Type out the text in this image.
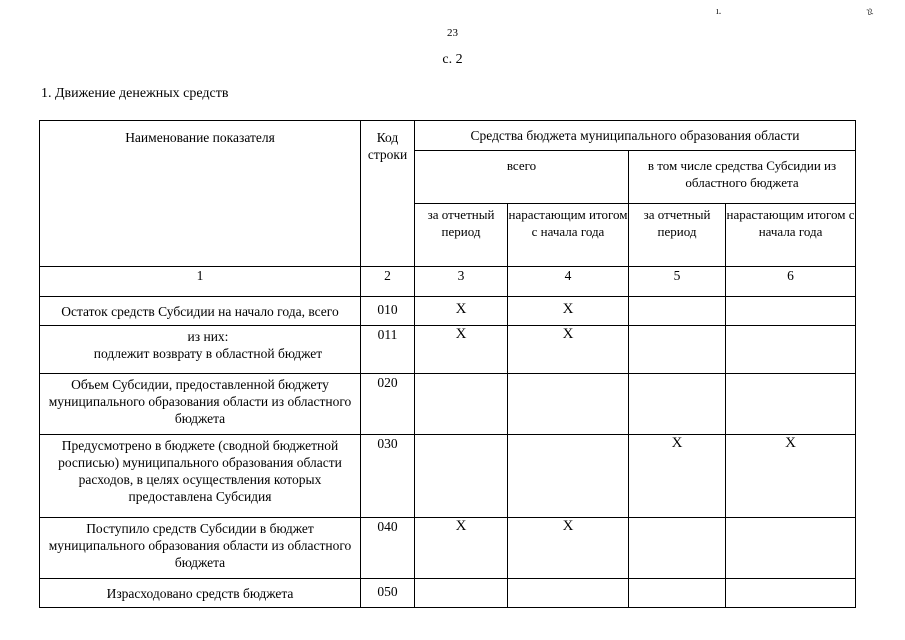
23
ı.	≈
с. 2
1. Движение денежных средств
Наименование показателя	Код строки	Средства бюджета муниципального образования области			
		всего		в том числе средства Субсидии из областного бюджета	
		за отчетный период	нарастающим итогом с начала года	за отчетный период	нарастающим итогом с начала года
1	2	3	4	5	6
Остаток средств Субсидии на начало года, всего	010	X	X		

из них:
подлежит возврату в областной бюджет	011	X	X		
Объем Субсидии, предоставленной бюджету муниципального образования области из областного бюджета	020				
Предусмотрено в бюджете (сводной бюджетной росписью) муниципального образования области расходов, в целях осуществления которых предоставлена Субсидия	030			X	X
Поступило средств Субсидии в бюджет муниципального образования области из областного бюджета	040	X	X		
Израсходовано средств бюджета	050				
